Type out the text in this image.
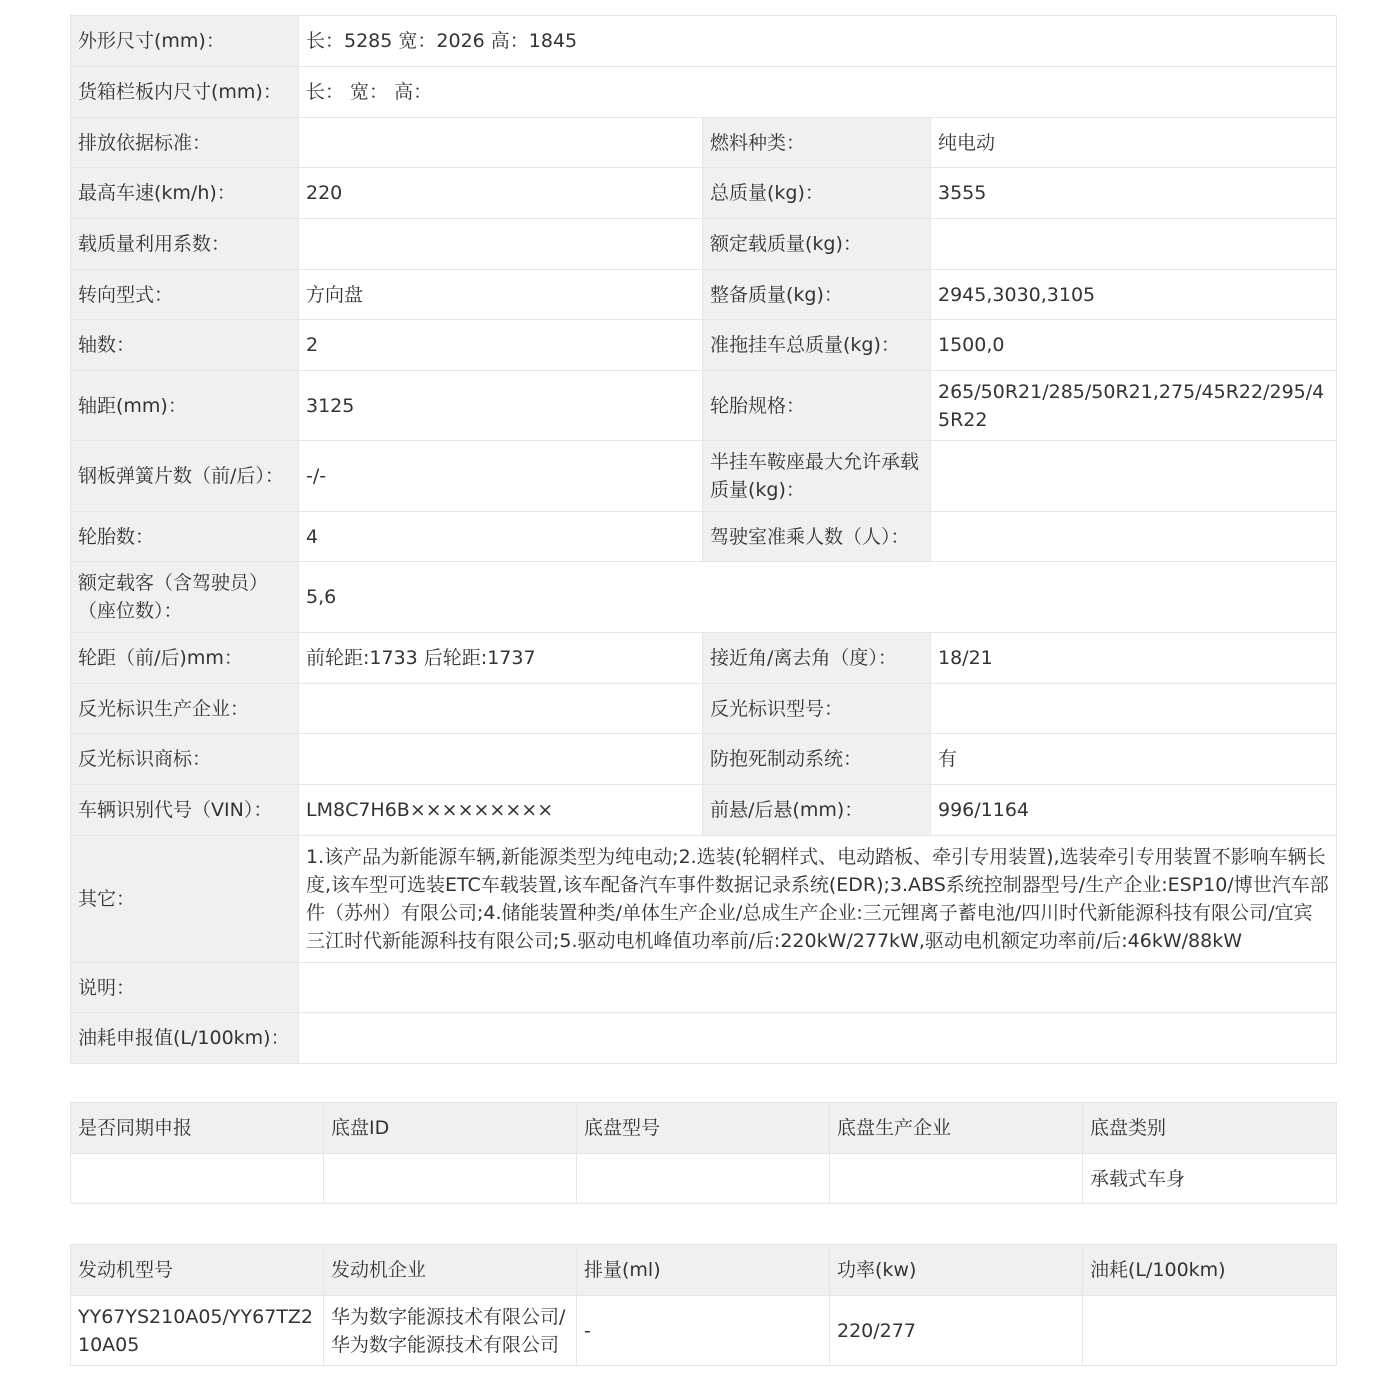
外形尺寸(mm)：	长：5285 宽：2026 高：1845		
货箱栏板内尺寸(mm)：	长： 宽： 高：		
排放依据标准：		燃料种类：	纯电动
最高车速(km/h)：	220	总质量(kg)：	3555
载质量利用系数：		额定载质量(kg)：	
转向型式：	方向盘	整备质量(kg)：	2945,3030,3105
轴数：	2	准拖挂车总质量(kg)：	1500,0
轴距(mm)：	3125	轮胎规格：	265/50R21/285/50R21,275/45R22/295/45R22
钢板弹簧片数（前/后）：	-/-	半挂车鞍座最大允许承载质量(kg)：	
轮胎数：	4	驾驶室准乘人数（人）：	
额定载客（含驾驶员）（座位数）：	5,6		
轮距（前/后)mm：	前轮距:1733 后轮距:1737	接近角/离去角（度）：	18/21
反光标识生产企业：		反光标识型号：	
反光标识商标：		防抱死制动系统：	有
车辆识别代号（VIN）：	LM8C7H6B×××××××××	前悬/后悬(mm)：	996/1164
其它：	1.该产品为新能源车辆,新能源类型为纯电动;2.选装(轮辋样式、电动踏板、牵引专用装置),选装牵引专用装置不影响车辆长度,该车型可选装ETC车载装置,该车配备汽车事件数据记录系统(EDR);3.ABS系统控制器型号/生产企业:ESP10/博世汽车部件（苏州）有限公司;4.储能装置种类/单体生产企业/总成生产企业:三元锂离子蓄电池/四川时代新能源科技有限公司/宜宾三江时代新能源科技有限公司;5.驱动电机峰值功率前/后:220kW/277kW,驱动电机额定功率前/后:46kW/88kW		
说明：			
油耗申报值(L/100km)：			
是否同期申报	底盘ID	底盘型号	底盘生产企业	底盘类别
				承载式车身
发动机型号	发动机企业	排量(ml)	功率(kw)	油耗(L/100km)
YY67YS210A05/YY67TZ210A05	华为数字能源技术有限公司/华为数字能源技术有限公司	-	220/277	
